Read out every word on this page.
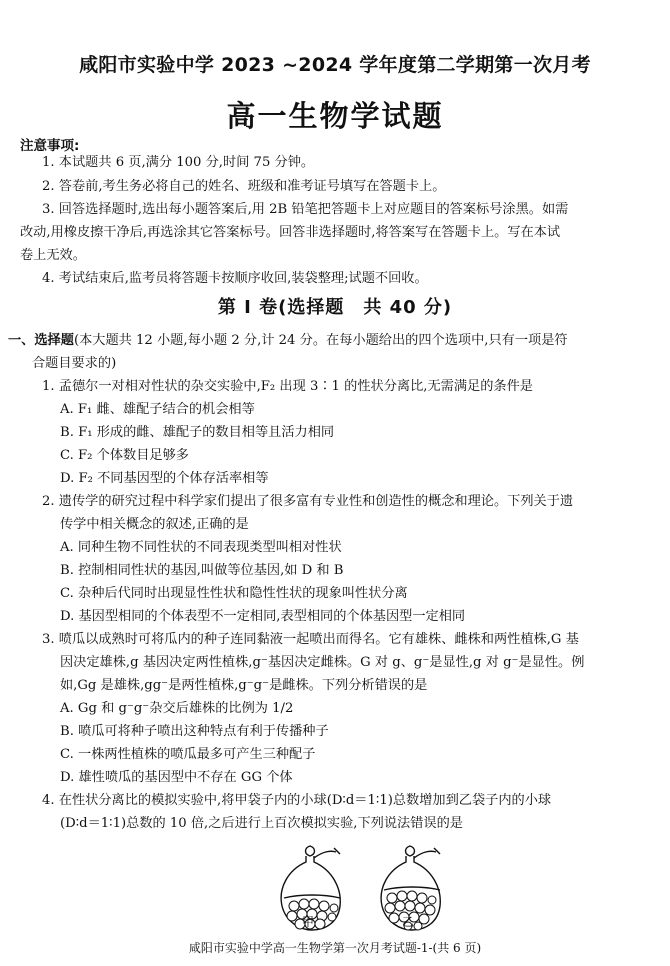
咸阳市实验中学 2023 ~2024 学年度第二学期第一次月考
高一生物学试题
注意事项:
1. 本试题共 6 页,满分 100 分,时间 75 分钟。
2. 答卷前,考生务必将自己的姓名、班级和准考证号填写在答题卡上。
3. 回答选择题时,选出每小题答案后,用 2B 铅笔把答题卡上对应题目的答案标号涂黑。如需
改动,用橡皮擦干净后,再选涂其它答案标号。回答非选择题时,将答案写在答题卡上。写在本试
卷上无效。
4. 考试结束后,监考员将答题卡按顺序收回,装袋整理;试题不回收。
第 Ⅰ 卷(选择题　共 40 分)
一、选择题(本大题共 12 小题,每小题 2 分,计 24 分。在每小题给出的四个选项中,只有一项是符
合题目要求的)
1. 孟德尔一对相对性状的杂交实验中,F₂ 出现 3∶1 的性状分离比,无需满足的条件是
A. F₁ 雌、雄配子结合的机会相等
B. F₁ 形成的雌、雄配子的数目相等且活力相同
C. F₂ 个体数目足够多
D. F₂ 不同基因型的个体存活率相等
2. 遗传学的研究过程中科学家们提出了很多富有专业性和创造性的概念和理论。下列关于遗
传学中相关概念的叙述,正确的是
A. 同种生物不同性状的不同表现类型叫相对性状
B. 控制相同性状的基因,叫做等位基因,如 D 和 B
C. 杂种后代同时出现显性性状和隐性性状的现象叫性状分离
D. 基因型相同的个体表型不一定相同,表型相同的个体基因型一定相同
3. 喷瓜以成熟时可将瓜内的种子连同黏液一起喷出而得名。它有雄株、雌株和两性植株,G 基
因决定雄株,g 基因决定两性植株,g⁻基因决定雌株。G 对 g、g⁻是显性,g 对 g⁻是显性。例
如,Gg 是雄株,gg⁻是两性植株,g⁻g⁻是雌株。下列分析错误的是
A. Gg 和 g⁻g⁻杂交后雄株的比例为 1/2
B. 喷瓜可将种子喷出这种特点有利于传播种子
C. 一株两性植株的喷瓜最多可产生三种配子
D. 雄性喷瓜的基因型中不存在 GG 个体
4. 在性状分离比的模拟实验中,将甲袋子内的小球(D∶d＝1∶1)总数增加到乙袋子内的小球
(D∶d＝1∶1)总数的 10 倍,之后进行上百次模拟实验,下列说法错误的是
甲	乙
咸阳市实验中学高一生物学第一次月考试题-1-(共 6 页)
